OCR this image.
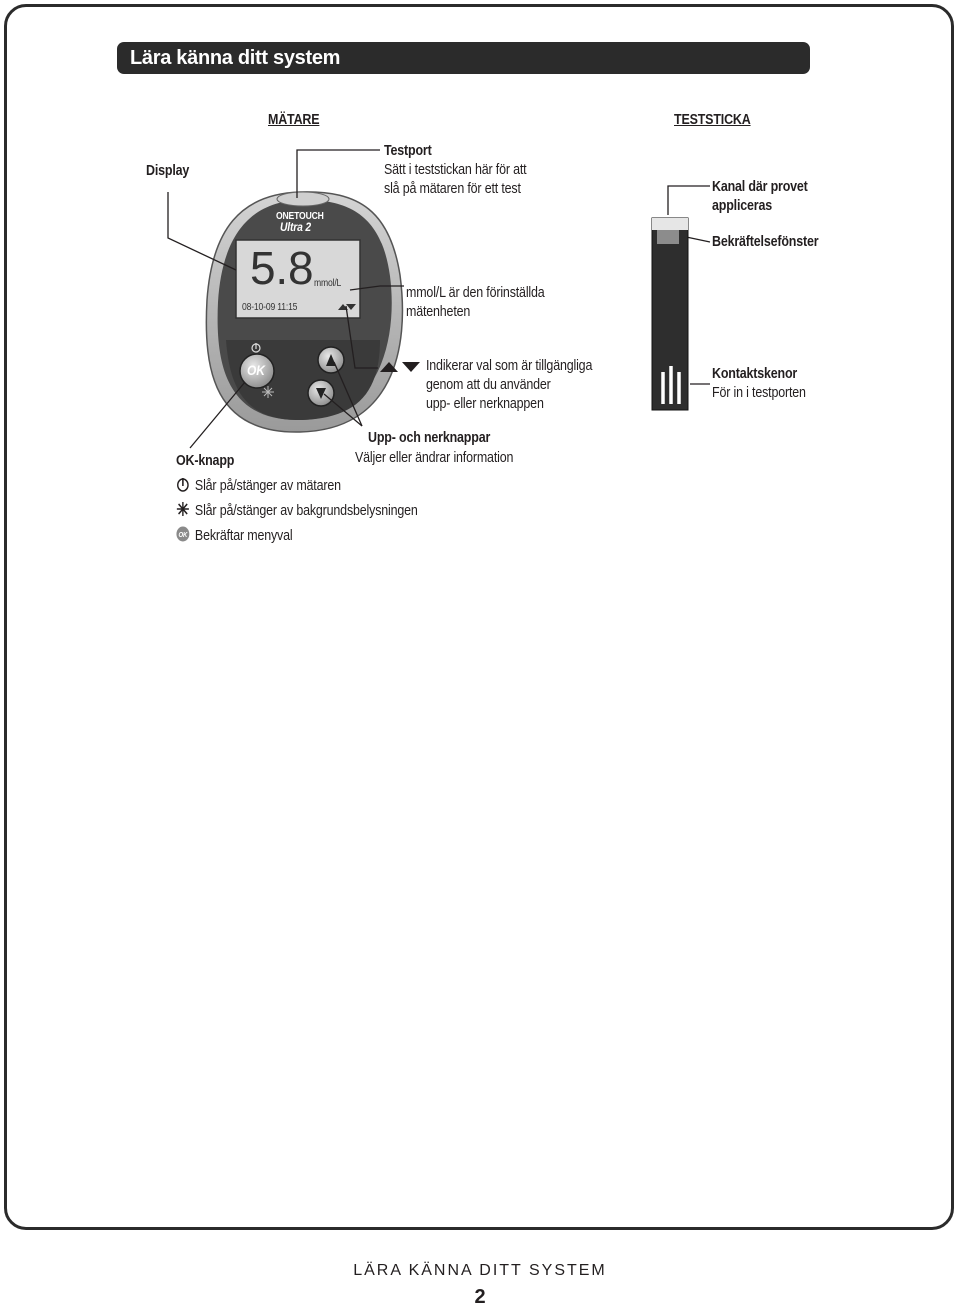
Lära känna ditt system
ONETOUCH
Ultra 2
5.8 mmol/L
08-10-09 11:15
OK
MÄTARE	TESTSTICKA
Display
Testport
Sätt i teststickan här för att
slå på mätaren för ett test
mmol/L är den förinställda
mätenheten
Indikerar val som är tillgängliga
genom att du använder
upp- eller nerknappen
Upp- och nerknappar
Väljer eller ändrar information
OK-knapp
Slår på/stänger av mätaren
Slår på/stänger av bakgrundsbelysningen
OK Bekräftar menyval
Kanal där provet
appliceras
Bekräftelsefönster
Kontaktskenor
För in i testporten
LÄRA KÄNNA DITT SYSTEM
2
